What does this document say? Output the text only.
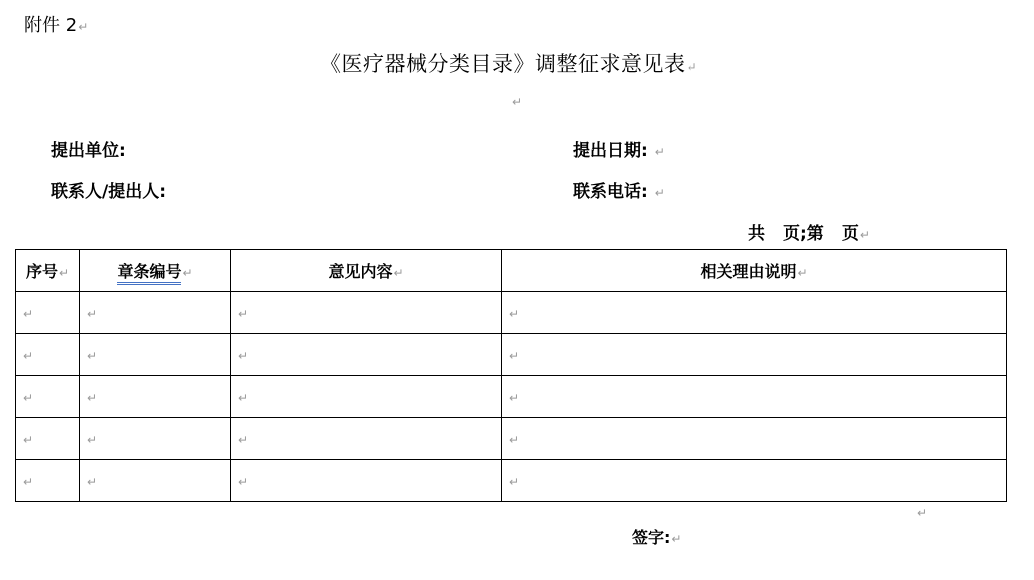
附件 2↵
《医疗器械分类目录》调整征求意见表↵
↵
提出单位:	提出日期: ↵
联系人/提出人:	联系电话: ↵
共 页;第 页↵
序号↵	章条编号↵	意见内容↵	相关理由说明↵
↵	↵	↵	↵
↵	↵	↵	↵
↵	↵	↵	↵
↵	↵	↵	↵
↵	↵	↵	↵
↵
签字:↵
